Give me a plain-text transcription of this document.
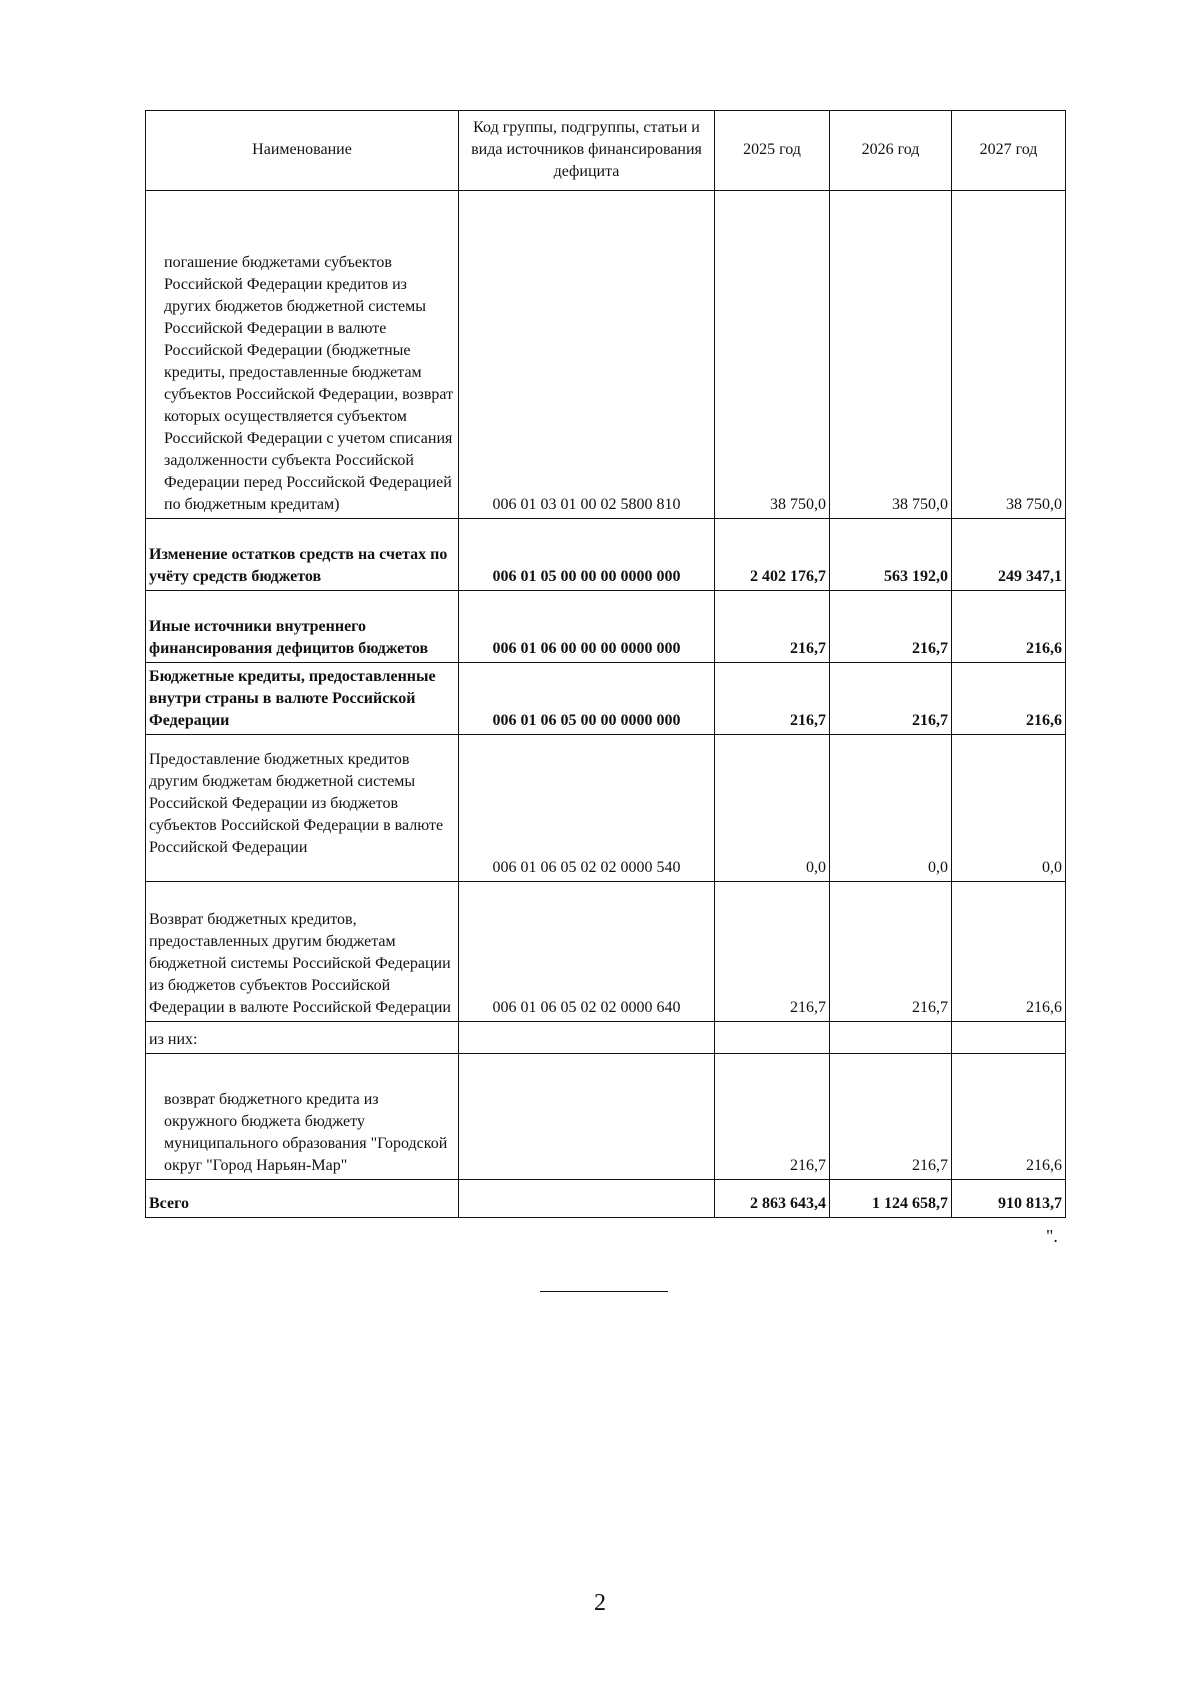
Наименование	Код группы, подгруппы, статьи и вида источников финансирования дефицита	2025 год	2026 год	2027 год
погашение бюджетами субъектов Российской Федерации кредитов из других бюджетов бюджетной системы Российской Федерации в валюте Российской Федерации (бюджетные кредиты, предоставленные бюджетам субъектов Российской Федерации, возврат которых осуществляется субъектом Российской Федерации с учетом списания задолженности субъекта Российской Федерации перед Российской Федерацией по бюджетным кредитам)	006 01 03 01 00 02 5800 810	38 750,0	38 750,0	38 750,0
Изменение остатков средств на счетах по учёту средств бюджетов	006 01 05 00 00 00 0000 000	2 402 176,7	563 192,0	249 347,1
Иные источники внутреннего финансирования дефицитов бюджетов	006 01 06 00 00 00 0000 000	216,7	216,7	216,6
Бюджетные кредиты, предоставленные внутри страны в валюте Российской Федерации	006 01 06 05 00 00 0000 000	216,7	216,7	216,6
Предоставление бюджетных кредитов другим бюджетам бюджетной системы Российской Федерации из бюджетов субъектов Российской Федерации в валюте Российской Федерации	006 01 06 05 02 02 0000 540	0,0	0,0	0,0
Возврат бюджетных кредитов, предоставленных другим бюджетам бюджетной системы Российской Федерации из бюджетов субъектов Российской Федерации в валюте Российской Федерации	006 01 06 05 02 02 0000 640	216,7	216,7	216,6
из них:				
возврат бюджетного кредита из окружного бюджета бюджету муниципального образования "Городской округ "Город Нарьян-Мар"		216,7	216,7	216,6
Всего		2 863 643,4	1 124 658,7	910 813,7
".
2
